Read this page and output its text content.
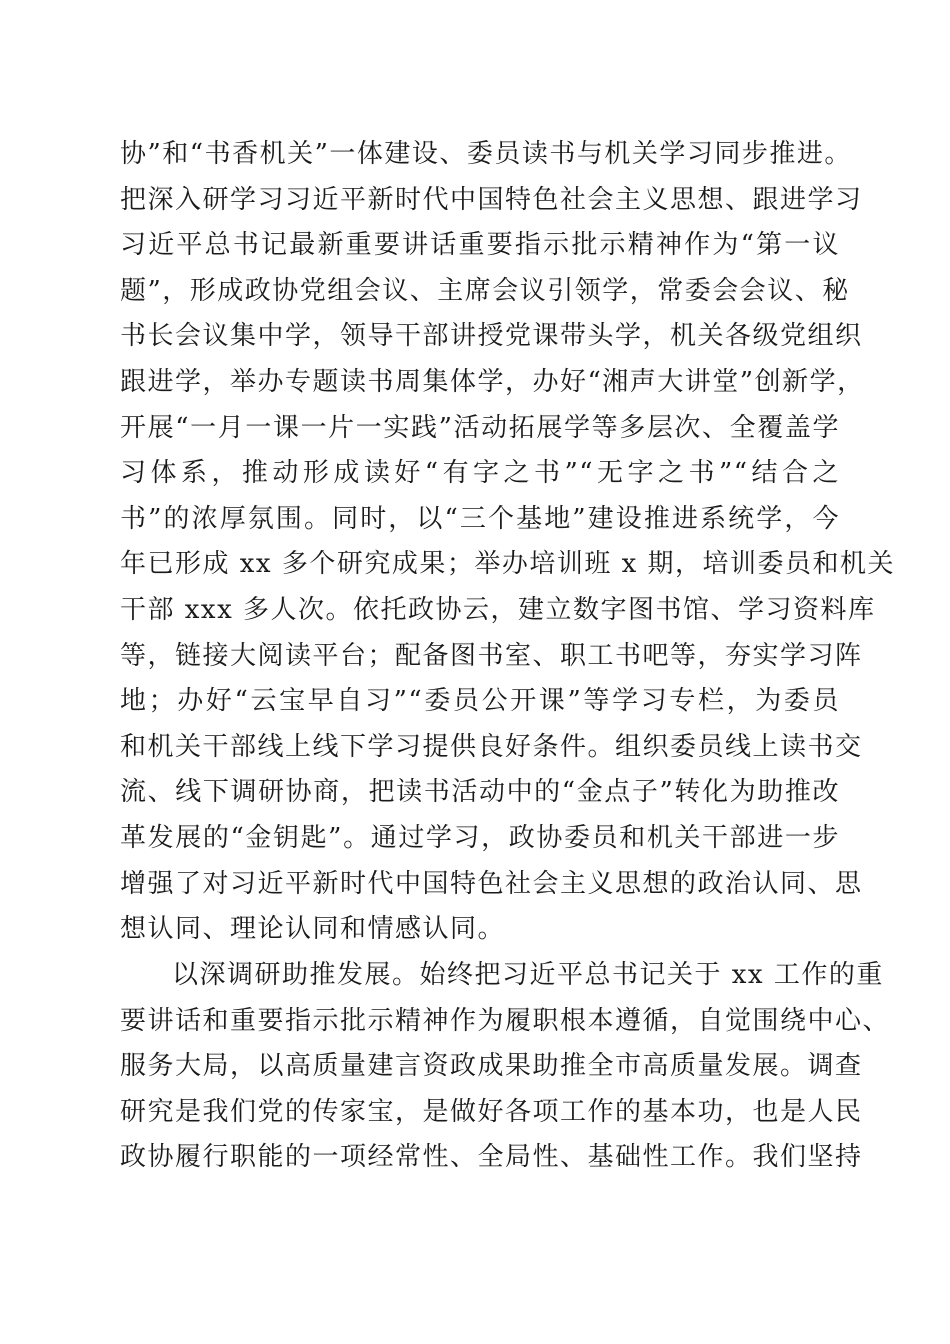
协”和“书香机关”一体建设、委员读书与机关学习同步推进。
把深入研学习习近平新时代中国特色社会主义思想、跟进学习
习近平总书记最新重要讲话重要指示批示精神作为“第一议
题”，形成政协党组会议、主席会议引领学，常委会会议、秘
书长会议集中学，领导干部讲授党课带头学，机关各级党组织
跟进学，举办专题读书周集体学，办好“湘声大讲堂”创新学，
开展“一月一课一片一实践”活动拓展学等多层次、全覆盖学
习体系，推动形成读好“有字之书”“无字之书”“结合之
书”的浓厚氛围。同时，以“三个基地”建设推进系统学，今
年已形成 xx 多个研究成果；举办培训班 x 期，培训委员和机关
干部 xxx 多人次。依托政协云，建立数字图书馆、学习资料库
等，链接大阅读平台；配备图书室、职工书吧等，夯实学习阵
地；办好“云宝早自习”“委员公开课”等学习专栏，为委员
和机关干部线上线下学习提供良好条件。组织委员线上读书交
流、线下调研协商，把读书活动中的“金点子”转化为助推改
革发展的“金钥匙”。通过学习，政协委员和机关干部进一步
增强了对习近平新时代中国特色社会主义思想的政治认同、思
想认同、理论认同和情感认同。
以深调研助推发展。始终把习近平总书记关于 xx 工作的重
要讲话和重要指示批示精神作为履职根本遵循，自觉围绕中心、
服务大局，以高质量建言资政成果助推全市高质量发展。调查
研究是我们党的传家宝，是做好各项工作的基本功，也是人民
政协履行职能的一项经常性、全局性、基础性工作。我们坚持
